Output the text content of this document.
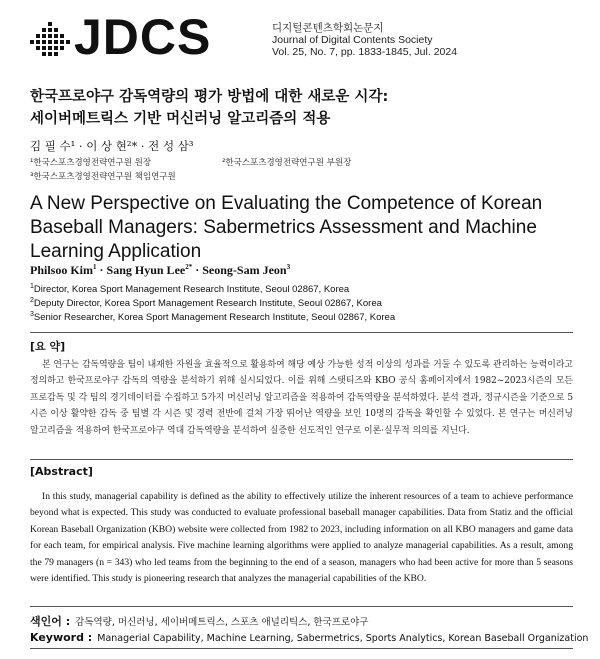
JDCS	디지털콘텐츠학회논문지
Journal of Digital Contents Society
Vol. 25, No. 7, pp. 1833-1845, Jul. 2024
한국프로야구 감독역량의 평가 방법에 대한 새로운 시각:
세이버메트릭스 기반 머신러닝 알고리즘의 적용
김 필 수¹ · 이 상 현²* · 전 성 삼³
¹한국스포츠경영전략연구원 원장	²한국스포츠경영전략연구원 부원장
³한국스포츠경영전략연구원 책임연구원
A New Perspective on Evaluating the Competence of Korean Baseball Managers: Sabermetrics Assessment and Machine Learning Application
Philsoo Kim$^1$ · Sang Hyun Lee$^{2*}$ · Seong-Sam Jeon$^3$
$^1$Director, Korea Sport Management Research Institute, Seoul 02867, Korea
$^2$Deputy Director, Korea Sport Management Research Institute, Seoul 02867, Korea
$^3$Senior Researcher, Korea Sport Management Research Institute, Seoul 02867, Korea
[요 약]
본 연구는 감독역량을 팀이 내재한 자원을 효율적으로 활용하여 해당 예상 가능한 성적 이상의 성과를 거둘 수 있도록 관리하는 능력이라고 정의하고 한국프로야구 감독의 역량을 분석하기 위해 실시되었다. 이를 위해 스탯티즈와 KBO 공식 홈페이지에서 1982~2023시즌의 모든 프로감독 및 각 팀의 경기데이터를 수집하고 5가지 머신러닝 알고리즘을 적용하여 감독역량을 분석하였다. 분석 결과, 정규시즌을 기준으로 5시즌 이상 활약한 감독 중 팀별 각 시즌 및 경력 전반에 걸쳐 가장 뛰어난 역량을 보인 10명의 감독을 확인할 수 있었다. 본 연구는 머신러닝 알고리즘을 적용하여 한국프로야구 역대 감독역량을 분석하여 실증한 선도적인 연구로 이론·실무적 의의를 지닌다.
[Abstract]
In this study, managerial capability is defined as the ability to effectively utilize the inherent resources of a team to achieve performance beyond what is expected. This study was conducted to evaluate professional baseball manager capabilities. Data from Statiz and the official Korean Baseball Organization (KBO) website were collected from 1982 to 2023, including information on all KBO managers and game data for each team, for empirical analysis. Five machine learning algorithms were applied to analyze managerial capabilities. As a result, among the 79 managers (n = 343) who led teams from the beginning to the end of a season, managers who had been active for more than 5 seasons were identified. This study is pioneering research that analyzes the managerial capabilities of the KBO.
색인어 : 감독역량, 머신러닝, 세이버메트릭스, 스포츠 애널리틱스, 한국프로야구
Keyword : Managerial Capability, Machine Learning, Sabermetrics, Sports Analytics, Korean Baseball Organization
